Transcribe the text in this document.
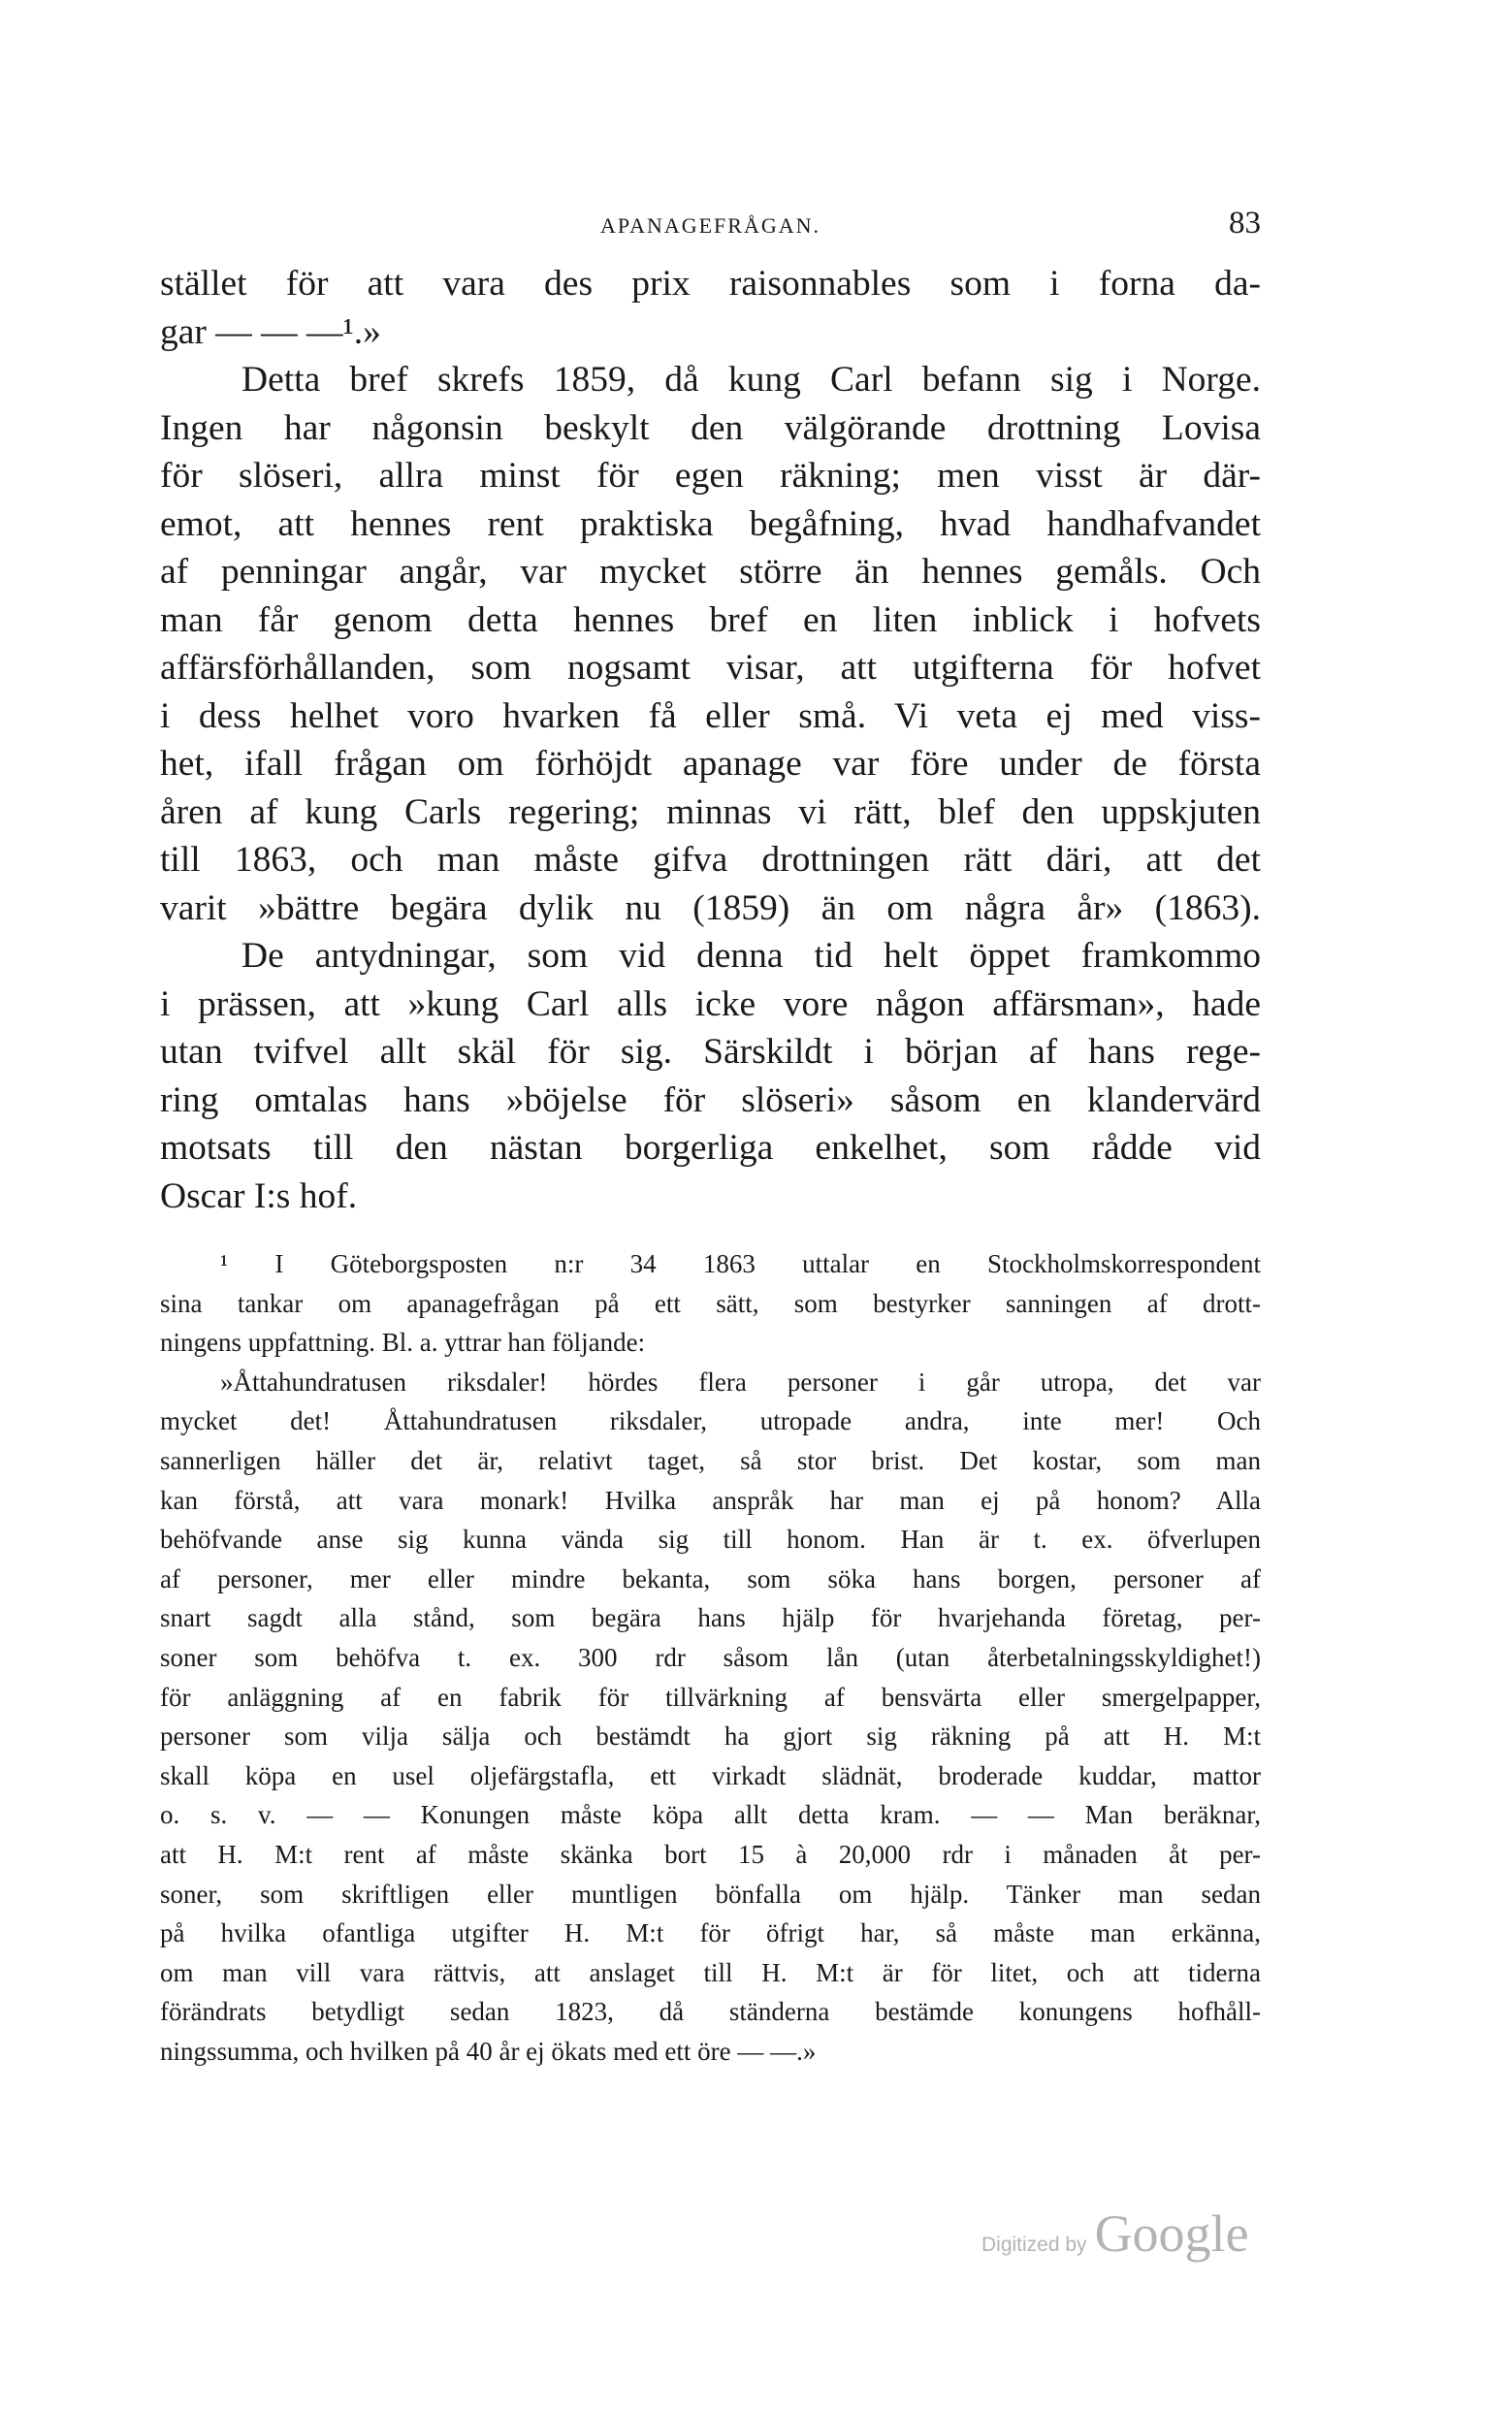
APANAGEFRÅGAN.	83
stället för att vara des prix raisonnables som i forna da-
gar — — —¹.»
Detta bref skrefs 1859, då kung Carl befann sig i Norge.
Ingen har någonsin beskylt den välgörande drottning Lovisa
för slöseri, allra minst för egen räkning; men visst är där-
emot, att hennes rent praktiska begåfning, hvad handhafvandet
af penningar angår, var mycket större än hennes gemåls. Och
man får genom detta hennes bref en liten inblick i hofvets
affärsförhållanden, som nogsamt visar, att utgifterna för hofvet
i dess helhet voro hvarken få eller små. Vi veta ej med viss-
het, ifall frågan om förhöjdt apanage var före under de första
åren af kung Carls regering; minnas vi rätt, blef den uppskjuten
till 1863, och man måste gifva drottningen rätt däri, att det
varit »bättre begära dylik nu (1859) än om några år» (1863).
De antydningar, som vid denna tid helt öppet framkommo
i prässen, att »kung Carl alls icke vore någon affärsman», hade
utan tvifvel allt skäl för sig. Särskildt i början af hans rege-
ring omtalas hans »böjelse för slöseri» såsom en klandervärd
motsats till den nästan borgerliga enkelhet, som rådde vid
Oscar I:s hof.
¹ I Göteborgsposten n:r 34 1863 uttalar en Stockholmskorrespondent
sina tankar om apanagefrågan på ett sätt, som bestyrker sanningen af drott-
ningens uppfattning. Bl. a. yttrar han följande:
»Åttahundratusen riksdaler! hördes flera personer i går utropa, det var
mycket det! Åttahundratusen riksdaler, utropade andra, inte mer! Och
sannerligen häller det är, relativt taget, så stor brist. Det kostar, som man
kan förstå, att vara monark! Hvilka anspråk har man ej på honom? Alla
behöfvande anse sig kunna vända sig till honom. Han är t. ex. öfverlupen
af personer, mer eller mindre bekanta, som söka hans borgen, personer af
snart sagdt alla stånd, som begära hans hjälp för hvarjehanda företag, per-
soner som behöfva t. ex. 300 rdr såsom lån (utan återbetalningsskyldighet!)
för anläggning af en fabrik för tillvärkning af bensvärta eller smergelpapper,
personer som vilja sälja och bestämdt ha gjort sig räkning på att H. M:t
skall köpa en usel oljefärgstafla, ett virkadt slädnät, broderade kuddar, mattor
o. s. v. — — Konungen måste köpa allt detta kram. — — Man beräknar,
att H. M:t rent af måste skänka bort 15 à 20,000 rdr i månaden åt per-
soner, som skriftligen eller muntligen bönfalla om hjälp. Tänker man sedan
på hvilka ofantliga utgifter H. M:t för öfrigt har, så måste man erkänna,
om man vill vara rättvis, att anslaget till H. M:t är för litet, och att tiderna
förändrats betydligt sedan 1823, då ständerna bestämde konungens hofhåll-
ningssumma, och hvilken på 40 år ej ökats med ett öre — —.»
Digitized by Google
